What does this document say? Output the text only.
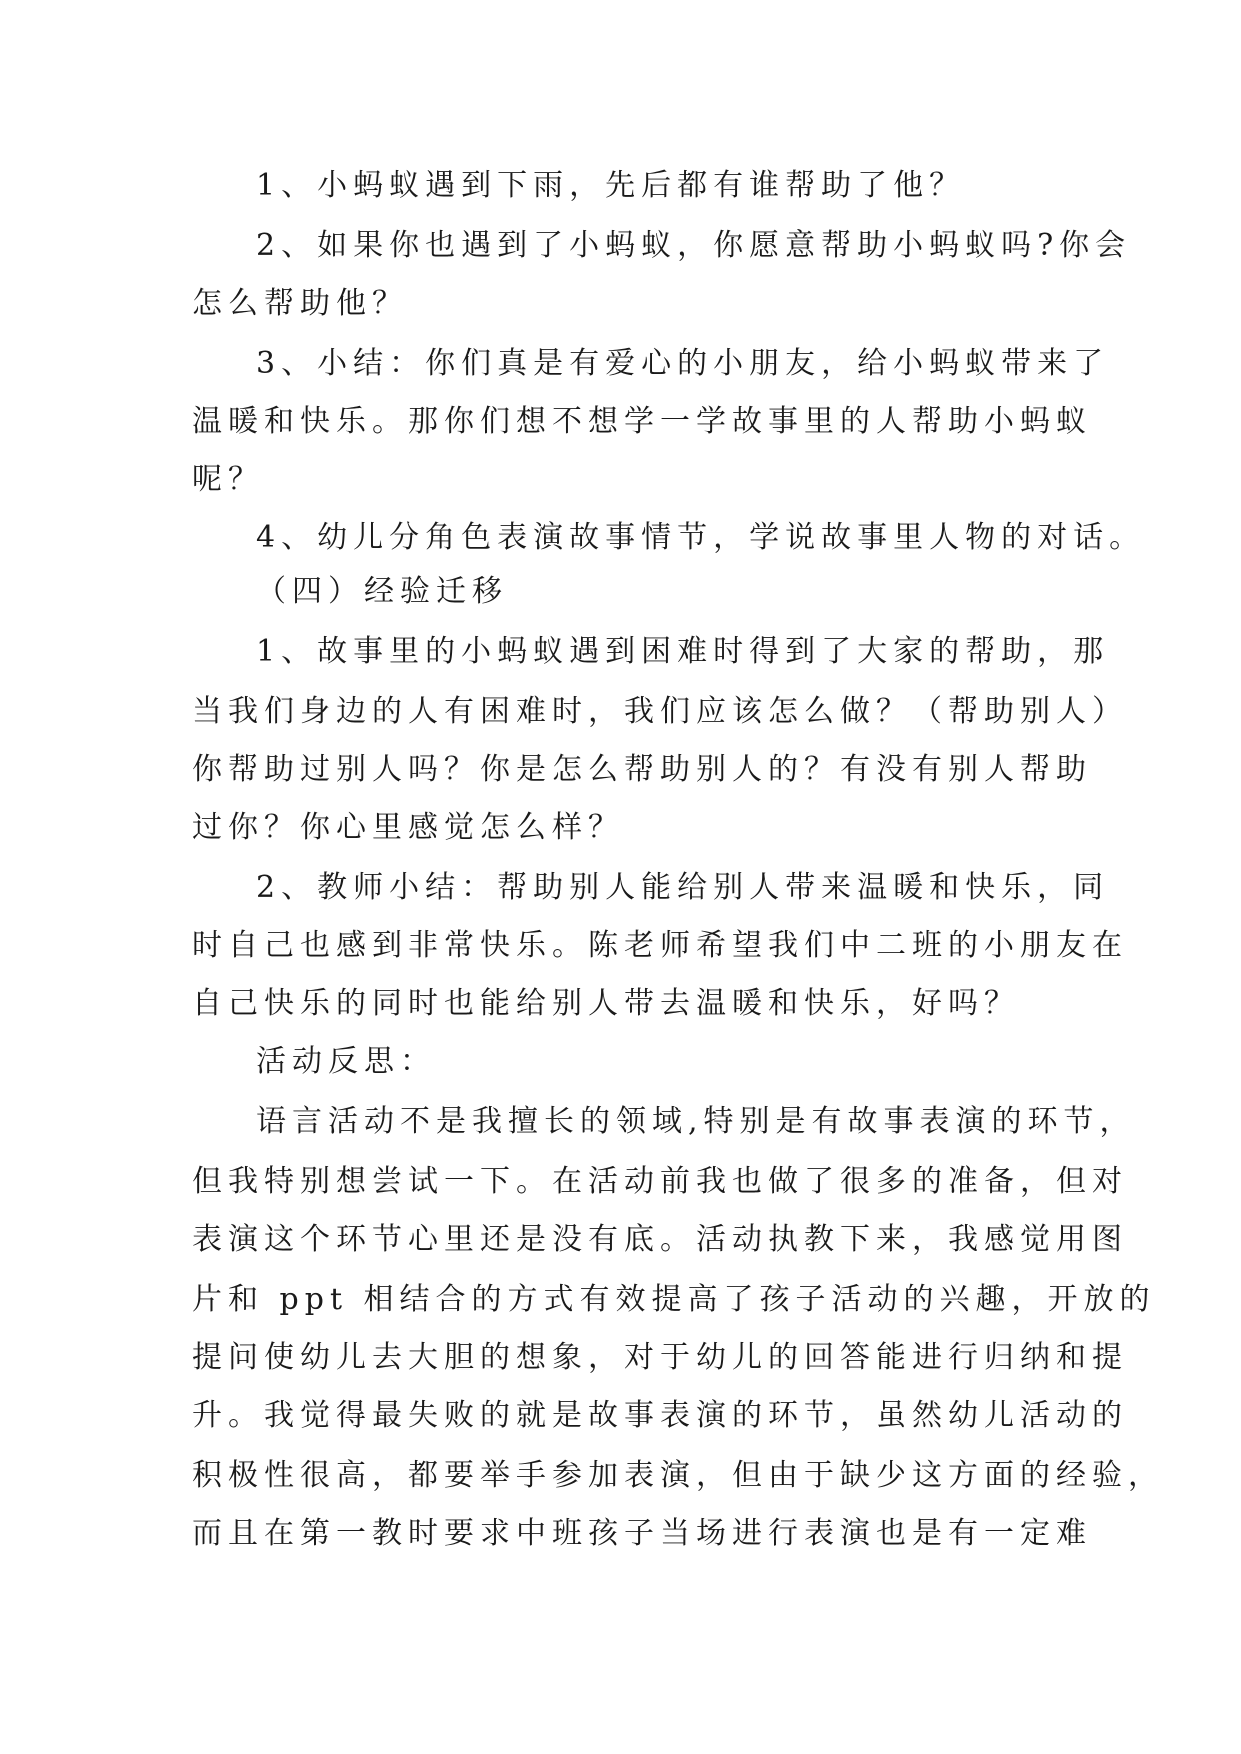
1、小蚂蚁遇到下雨，先后都有谁帮助了他？
2、如果你也遇到了小蚂蚁，你愿意帮助小蚂蚁吗?你会
怎么帮助他？
3、小结：你们真是有爱心的小朋友，给小蚂蚁带来了
温暖和快乐。那你们想不想学一学故事里的人帮助小蚂蚁
呢？
4、幼儿分角色表演故事情节，学说故事里人物的对话。
（四）经验迁移
1、故事里的小蚂蚁遇到困难时得到了大家的帮助，那
当我们身边的人有困难时，我们应该怎么做？（帮助别人）
你帮助过别人吗？你是怎么帮助别人的？有没有别人帮助
过你？你心里感觉怎么样？
2、教师小结：帮助别人能给别人带来温暖和快乐，同
时自己也感到非常快乐。陈老师希望我们中二班的小朋友在
自己快乐的同时也能给别人带去温暖和快乐，好吗？
活动反思：
语言活动不是我擅长的领域,特别是有故事表演的环节，
但我特别想尝试一下。在活动前我也做了很多的准备，但对
表演这个环节心里还是没有底。活动执教下来，我感觉用图
片和 ppt 相结合的方式有效提高了孩子活动的兴趣，开放的
提问使幼儿去大胆的想象，对于幼儿的回答能进行归纳和提
升。我觉得最失败的就是故事表演的环节，虽然幼儿活动的
积极性很高，都要举手参加表演，但由于缺少这方面的经验，
而且在第一教时要求中班孩子当场进行表演也是有一定难
